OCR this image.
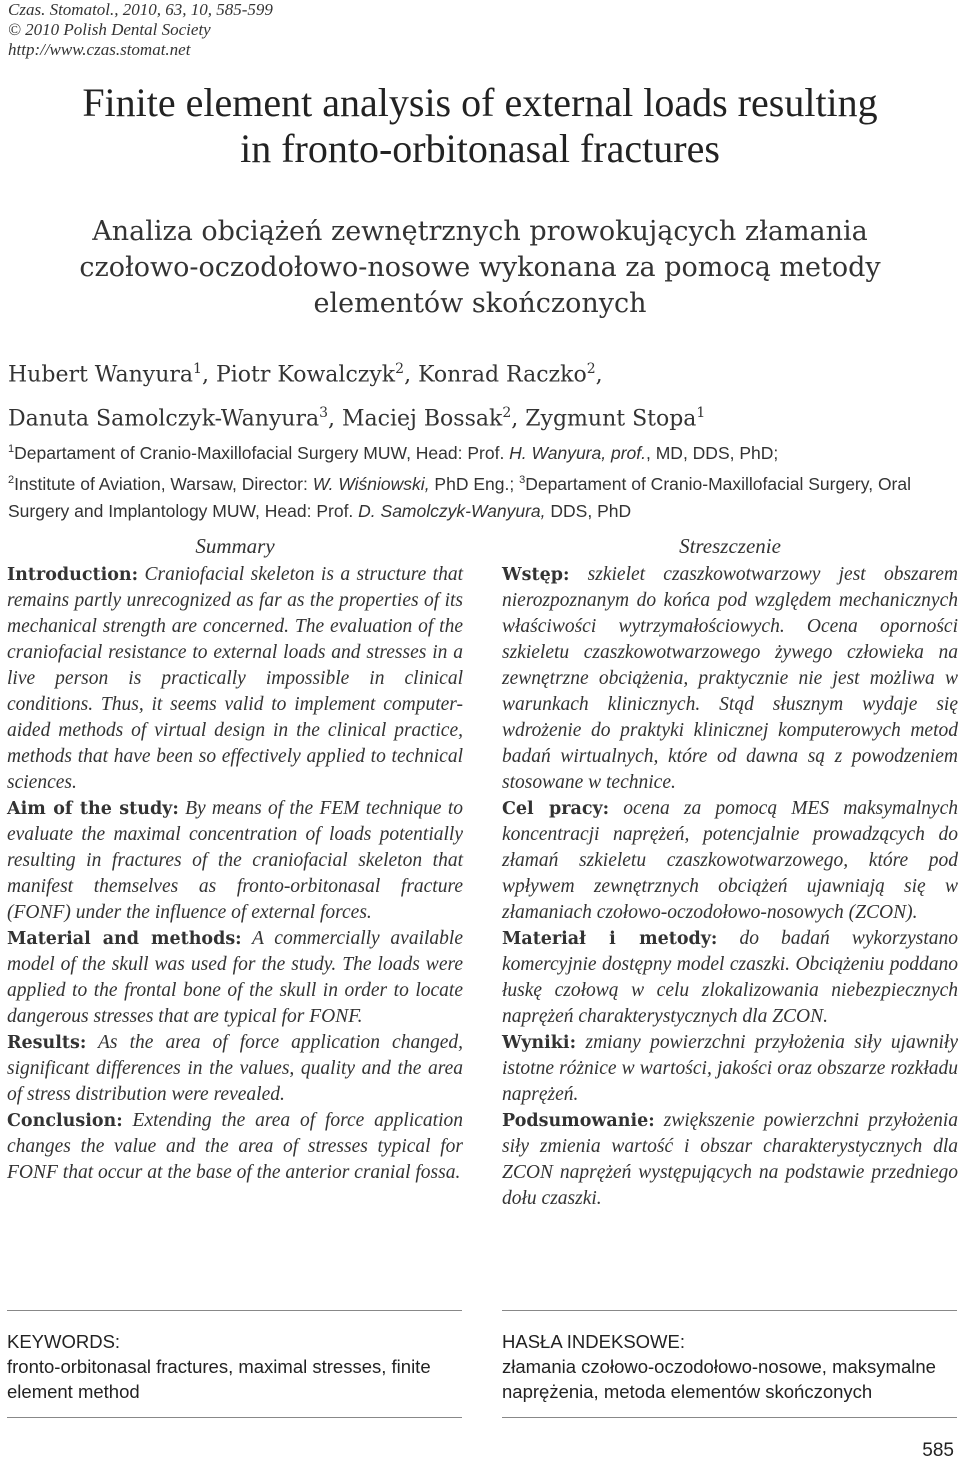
Czas. Stomatol., 2010, 63, 10, 585-599
© 2010 Polish Dental Society
http://www.czas.stomat.net
Finite element analysis of external loads resulting
in fronto-orbitonasal fractures
Analiza obciążeń zewnętrznych prowokujących złamania
czołowo-oczodołowo-nosowe wykonana za pomocą metody
elementów skończonych
Hubert Wanyura$^1$, Piotr Kowalczyk$^2$, Konrad Raczko$^2$,
Danuta Samolczyk-Wanyura$^3$, Maciej Bossak$^2$, Zygmunt Stopa$^1$
$^1$Departament of Cranio-Maxillofacial Surgery MUW, Head: Prof. H. Wanyura, prof., MD, DDS, PhD;
$^2$Institute of Aviation, Warsaw, Director: W. Wiśniowski, PhD Eng.; $^3$Departament of Cranio-Maxillofacial Surgery, Oral Surgery and Implantology MUW, Head: Prof. D. Samolczyk-Wanyura, DDS, PhD
Summary

Introduction: Craniofacial skeleton is a structure that remains partly unrecognized as far as the properties of its mechanical strength are concerned. The evaluation of the craniofacial resistance to external loads and stresses in a live person is practically impossible in clinical conditions. Thus, it seems valid to implement computer-aided methods of virtual design in the clinical practice, methods that have been so effectively applied to technical sciences.

Aim of the study: By means of the FEM technique to evaluate the maximal concentration of loads potentially resulting in fractures of the craniofacial skeleton that manifest themselves as fronto-orbitonasal fracture (FONF) under the influence of external forces.

Material and methods: A commercially available model of the skull was used for the study. The loads were applied to the frontal bone of the skull in order to locate dangerous stresses that are typical for FONF.

Results: As the area of force application changed, significant differences in the values, quality and the area of stress distribution were revealed.

Conclusion: Extending the area of force application changes the value and the area of stresses typical for FONF that occur at the base of the anterior cranial fossa.

Streszczenie

Wstęp: szkielet czaszkowotwarzowy jest obszarem nierozpoznanym do końca pod względem mechanicznych właściwości wytrzymałościowych. Ocena oporności szkieletu czaszkowotwarzowego żywego człowieka na zewnętrzne obciążenia, praktycznie nie jest możliwa w warunkach klinicznych. Stąd słusznym wydaje się wdrożenie do praktyki klinicznej komputerowych metod badań wirtualnych, które od dawna są z powodzeniem stosowane w technice.

Cel pracy: ocena za pomocą MES maksymalnych koncentracji naprężeń, potencjalnie prowadzących do złamań szkieletu czaszkowotwarzowego, które pod wpływem zewnętrznych obciążeń ujawniają się w złamaniach czołowo-oczodołowo-nosowych (ZCON).

Materiał i metody: do badań wykorzystano komercyjnie dostępny model czaszki. Obciążeniu poddano łuskę czołową w celu zlokalizowania niebezpiecznych naprężeń charakterystycznych dla ZCON.

Wyniki: zmiany powierzchni przyłożenia siły ujawniły istotne różnice w wartości, jakości oraz obszarze rozkładu naprężeń.

Podsumowanie: zwiększenie powierzchni przyłożenia siły zmienia wartość i obszar charakterystycznych dla ZCON naprężeń występujących na podstawie przedniego dołu czaszki.

KEYWORDS:
fronto-orbitonasal fractures, maximal stresses, finite element method
HASŁA INDEKSOWE:
złamania czołowo-oczodołowo-nosowe, maksymalne naprężenia, metoda elementów skończonych
585
